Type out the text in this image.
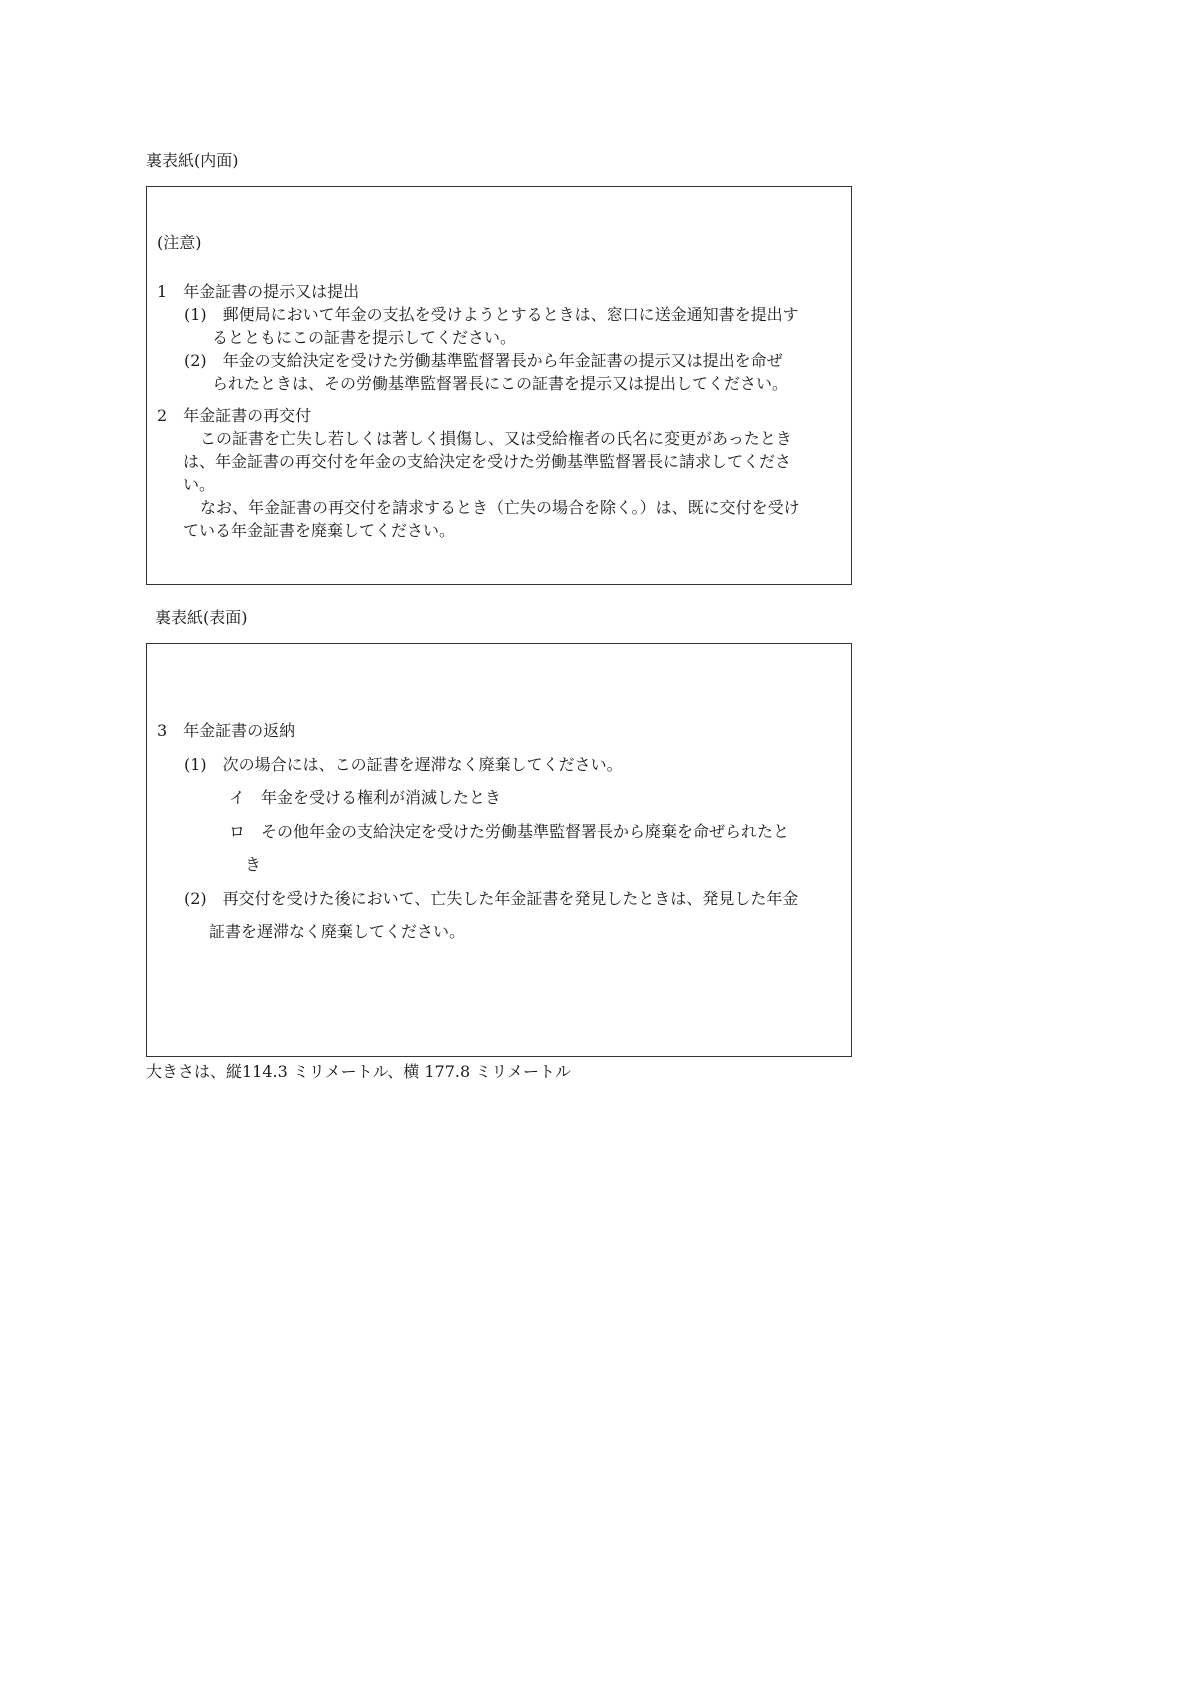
裏表紙(内面)
(注意)
1　年金証書の提示又は提出
(1)　郵便局において年金の支払を受けようとするときは、窓口に送金通知書を提出す
るとともにこの証書を提示してください。
(2)　年金の支給決定を受けた労働基準監督署長から年金証書の提示又は提出を命ぜ
られたときは、その労働基準監督署長にこの証書を提示又は提出してください。
2　年金証書の再交付
この証書を亡失し若しくは著しく損傷し、又は受給権者の氏名に変更があったとき
は、年金証書の再交付を年金の支給決定を受けた労働基準監督署長に請求してくださ
い。
なお、年金証書の再交付を請求するとき（亡失の場合を除く。）は、既に交付を受け
ている年金証書を廃棄してください。
裏表紙(表面)
3　年金証書の返納
(1)　次の場合には、この証書を遅滞なく廃棄してください。
イ　年金を受ける権利が消滅したとき
ロ　その他年金の支給決定を受けた労働基準監督署長から廃棄を命ぜられたと
き
(2)　再交付を受けた後において、亡失した年金証書を発見したときは、発見した年金
証書を遅滞なく廃棄してください。
大きさは、縦114.3 ミリメートル、横 177.8 ミリメートル
